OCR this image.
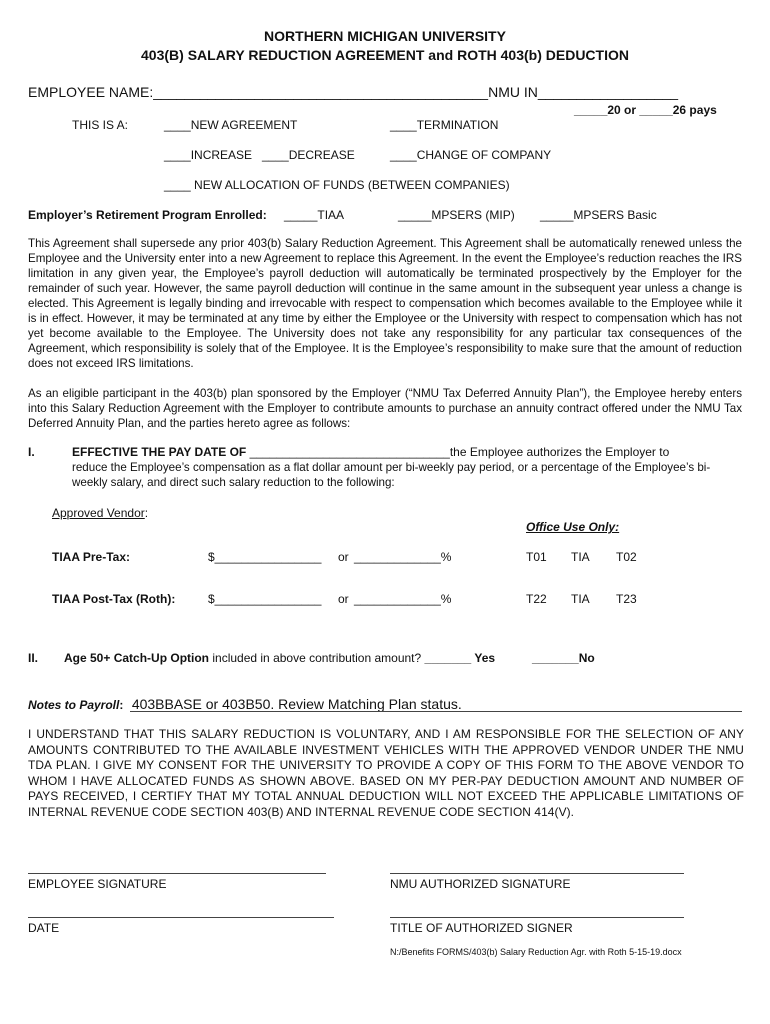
NORTHERN MICHIGAN UNIVERSITY
403(B) SALARY REDUCTION AGREEMENT and ROTH 403(b) DEDUCTION
EMPLOYEE NAME:___________________________________________NMU IN__________________
_____20 or _____26 pays
THIS IS A:	____NEW AGREEMENT	____TERMINATION
____INCREASE ____DECREASE	____CHANGE OF COMPANY
____ NEW ALLOCATION OF FUNDS (BETWEEN COMPANIES)
Employer’s Retirement Program Enrolled: _____TIAA	_____MPSERS (MIP) _____MPSERS Basic
This Agreement shall supersede any prior 403(b) Salary Reduction Agreement. This Agreement shall be automatically renewed unless the Employee and the University enter into a new Agreement to replace this Agreement. In the event the Employee’s reduction reaches the IRS limitation in any given year, the Employee’s payroll deduction will automatically be terminated prospectively by the Employer for the remainder of such year. However, the same payroll deduction will continue in the same amount in the subsequent year unless a change is elected. This Agreement is legally binding and irrevocable with respect to compensation which becomes available to the Employee while it is in effect. However, it may be terminated at any time by either the Employee or the University with respect to compensation which has not yet become available to the Employee. The University does not take any responsibility for any particular tax consequences of the Agreement, which responsibility is solely that of the Employee. It is the Employee’s responsibility to make sure that the amount of reduction does not exceed IRS limitations.
As an eligible participant in the 403(b) plan sponsored by the Employer (“NMU Tax Deferred Annuity Plan”), the Employee hereby enters into this Salary Reduction Agreement with the Employer to contribute amounts to purchase an annuity contract offered under the NMU Tax Deferred Annuity Plan, and the parties hereto agree as follows:
I.	EFFECTIVE THE PAY DATE OF ______________________________the Employee authorizes the Employer to
reduce the Employee’s compensation as a flat dollar amount per bi-weekly pay period, or a percentage of the Employee’s bi-weekly salary, and direct such salary reduction to the following:
Approved Vendor:
Office Use Only:
TIAA Pre-Tax:	$________________ or _____________%	T01 TIA T02
TIAA Post-Tax (Roth):	$________________ or _____________%	T22 TIA T23
II. Age 50+ Catch-Up Option included in above contribution amount? _______ Yes	_______No
Notes to Payroll: 403BBASE or 403B50. Review Matching Plan status.
I UNDERSTAND THAT THIS SALARY REDUCTION IS VOLUNTARY, AND I AM RESPONSIBLE FOR THE SELECTION OF ANY AMOUNTS CONTRIBUTED TO THE AVAILABLE INVESTMENT VEHICLES WITH THE APPROVED VENDOR UNDER THE NMU TDA PLAN. I GIVE MY CONSENT FOR THE UNIVERSITY TO PROVIDE A COPY OF THIS FORM TO THE ABOVE VENDOR TO WHOM I HAVE ALLOCATED FUNDS AS SHOWN ABOVE. BASED ON MY PER-PAY DEDUCTION AMOUNT AND NUMBER OF PAYS RECEIVED, I CERTIFY THAT MY TOTAL ANNUAL DEDUCTION WILL NOT EXCEED THE APPLICABLE LIMITATIONS OF INTERNAL REVENUE CODE SECTION 403(B) AND INTERNAL REVENUE CODE SECTION 414(V).
EMPLOYEE SIGNATURE	NMU AUTHORIZED SIGNATURE
DATE	TITLE OF AUTHORIZED SIGNER
N:/Benefits FORMS/403(b) Salary Reduction Agr. with Roth 5-15-19.docx
